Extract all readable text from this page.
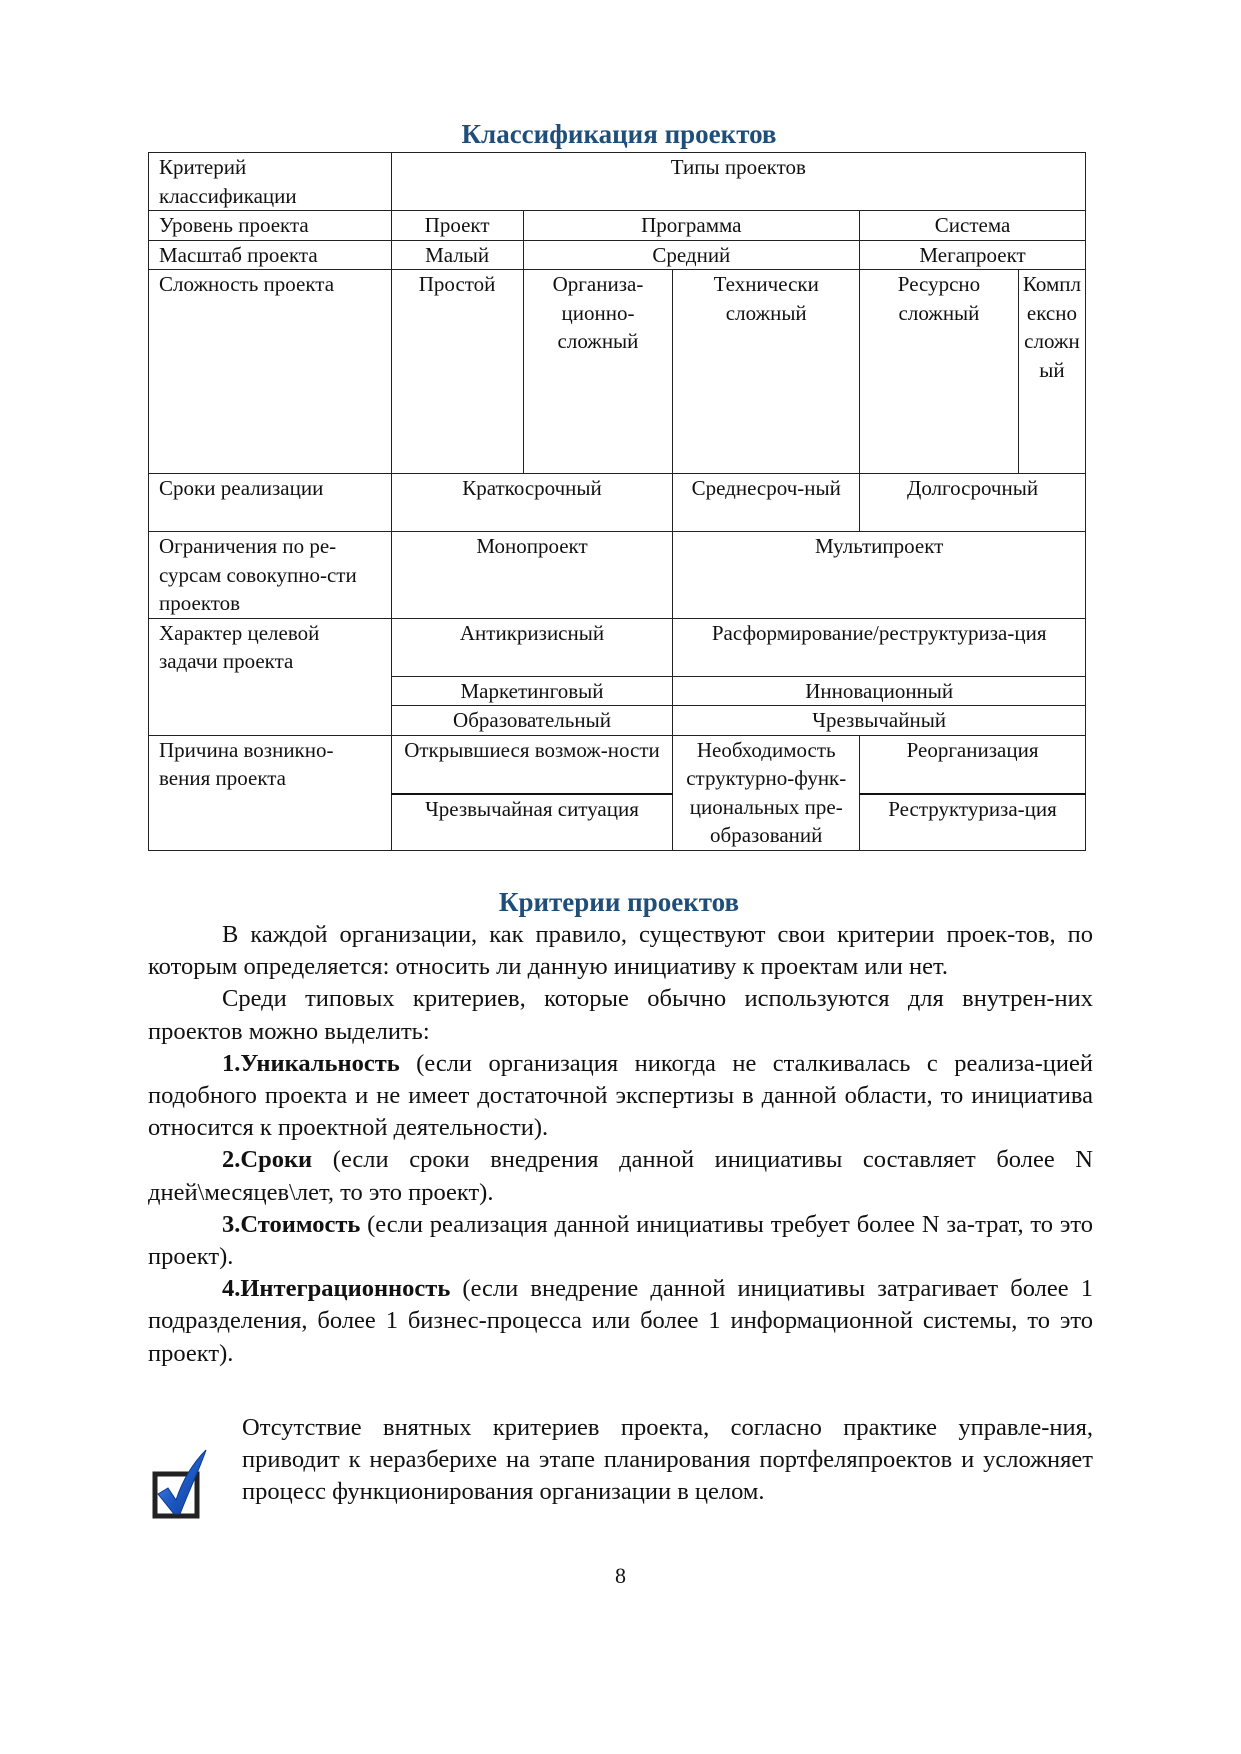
Классификация проектов
Критерий классификации	Типы проектов				
Уровень проекта	Проект	Программа		Система	
Масштаб проекта	Малый	Средний		Мегапроект	
Сложность проекта	Простой	Организа-ционно-сложный	Технически сложный	Ресурсно сложный	Комплексно сложный
Сроки реализации	Краткосрочный		Среднесроч-ный	Долгосрочный	
Ограничения по ре-сурсам совокупно-сти проектов	Монопроект		Мультипроект		
Характер целевой задачи проекта	Антикризисный		Расформирование/реструктуриза-ция		
	Маркетинговый		Инновационный		
	Образовательный		Чрезвычайный		
Причина возникно-вения проекта	Открывшиеся возмож-ности		Необходимость структурно-функ-циональных пре-образований	Реорганизация	
	Чрезвычайная ситуация			Реструктуриза-ция	
Критерии проектов

В каждой организации, как правило, существуют свои критерии проек-тов, по которым определяется: относить ли данную инициативу к проектам или нет.

Среди типовых критериев, которые обычно используются для внутрен-них проектов можно выделить:

1.Уникальность (если организация никогда не сталкивалась с реализа-цией подобного проекта и не имеет достаточной экспертизы в данной области, то инициатива относится к проектной деятельности).

2.Сроки (если сроки внедрения данной инициативы составляет более N дней\месяцев\лет, то это проект).

3.Стоимость (если реализация данной инициативы требует более N за-трат, то это проект).

4.Интеграционность (если внедрение данной инициативы затрагивает более 1 подразделения, более 1 бизнес-процесса или более 1 информационной системы, то это проект).

Отсутствие внятных критериев проекта, согласно практике управле-ния, приводит к неразберихе на этапе планирования портфеляпроектов и усложняет процесс функционирования организации в целом.

8
